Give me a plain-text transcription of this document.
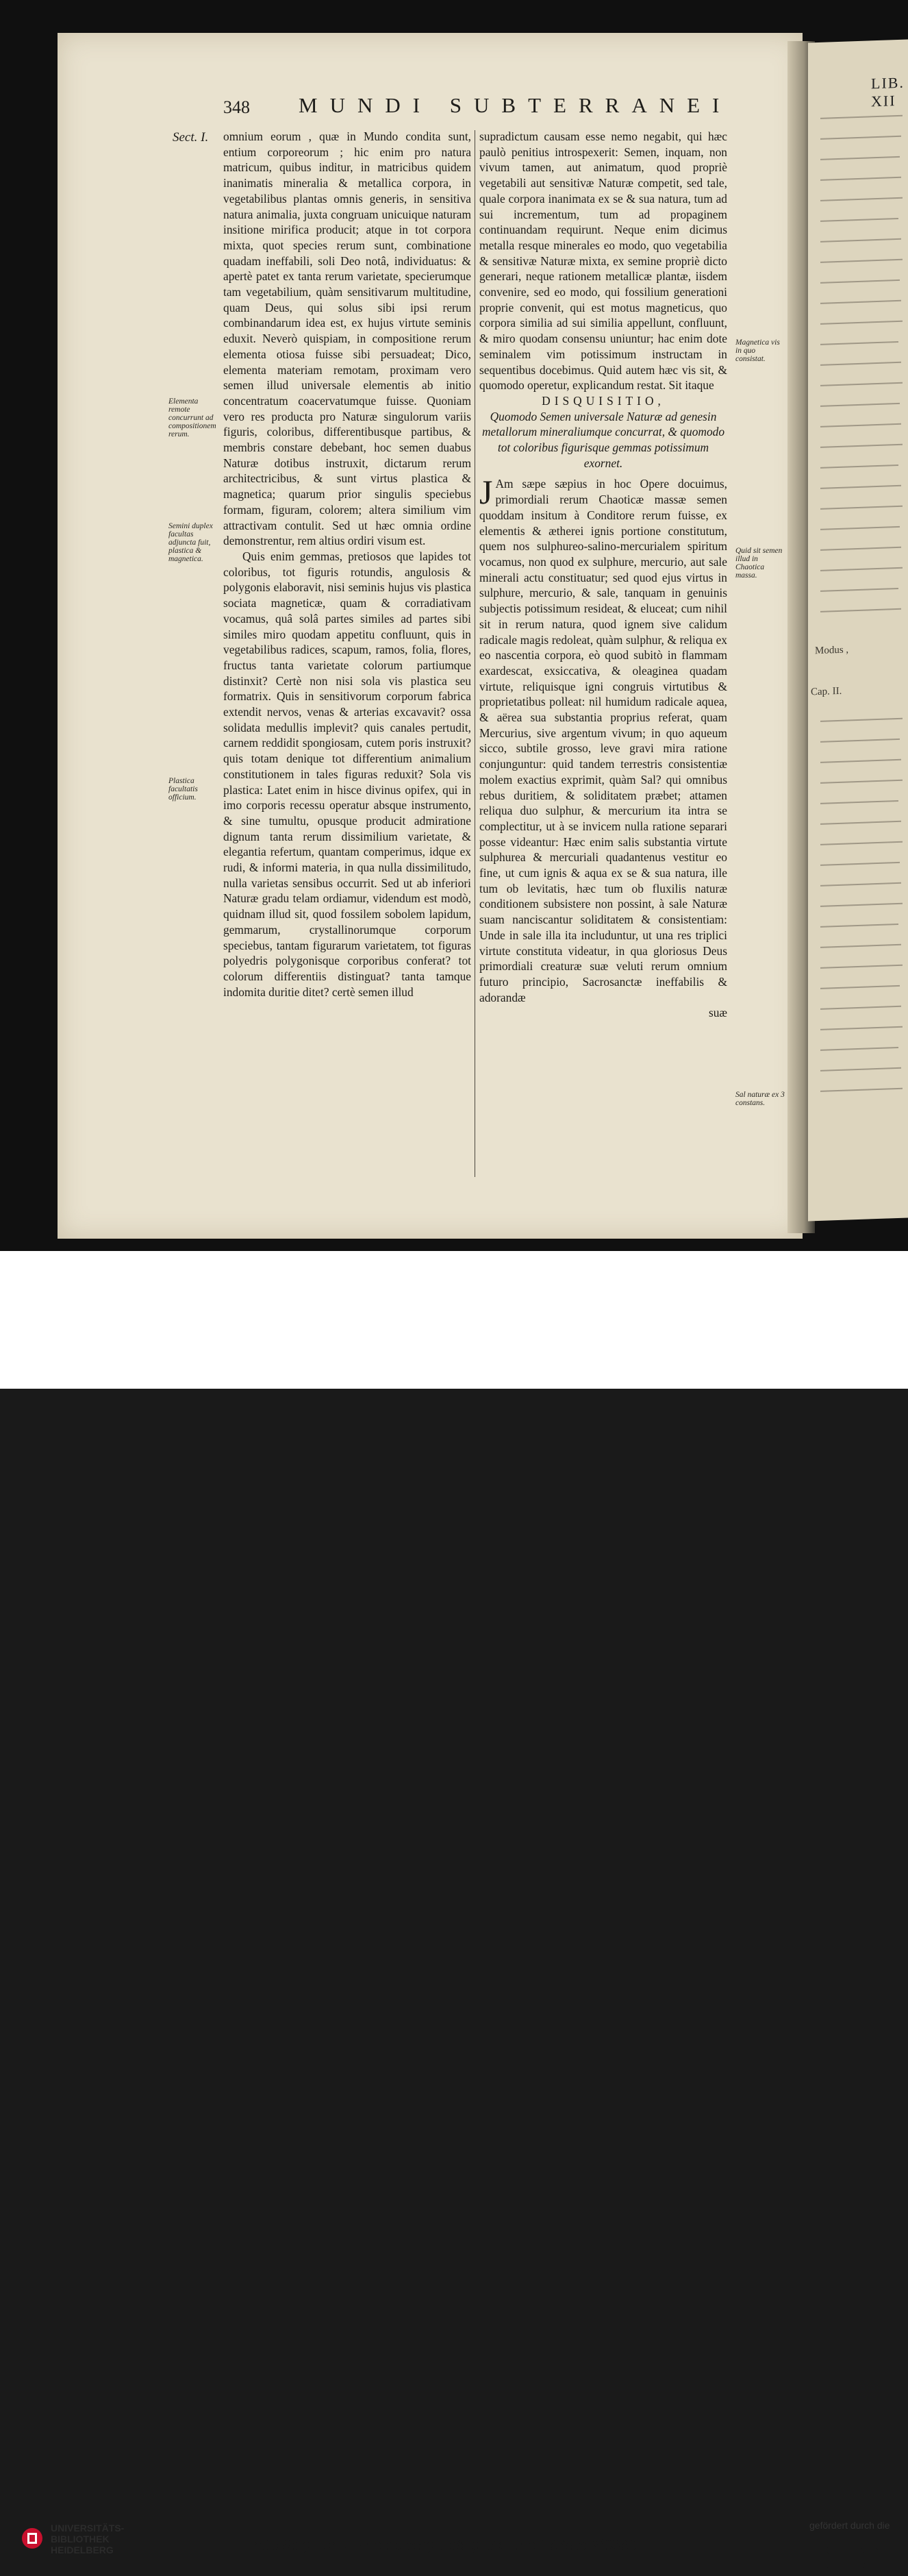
LIB. XII
Modus ,
Cap. II.
348 MUNDI SUBTERRANEI
Sect. I.
Elementa remote concurrunt ad compositionem rerum.
Semini duplex facultas adjuncta fuit, plastica & magnetica.
Plastica facultatis officium.
Magnetica vis in quo consistat.
Quid sit semen illud in Chaotica massa.
Sal naturæ ex 3 constans.

omnium eorum , quæ in Mundo condita sunt, entium corporeorum ; hic enim pro natura matricum, quibus inditur, in matricibus quidem inanimatis mineralia & metallica corpora, in vegetabilibus plantas omnis generis, in sensitiva natura animalia, juxta congruam unicuique naturam insitione mirifica producit; atque in tot corpora mixta, quot species rerum sunt, combinatione quadam ineffabili, soli Deo notâ, individuatus: & apertè patet ex tanta rerum varietate, specierumque tam vegetabilium, quàm sensitivarum multitudine, quam Deus, qui solus sibi ipsi rerum combinandarum idea est, ex hujus virtute seminis eduxit. Neverò quispiam, in compositione rerum elementa otiosa fuisse sibi persuadeat; Dico, elementa materiam remotam, proximam vero semen illud universale elementis ab initio concentratum coacervatumque fuisse. Quoniam vero res producta pro Naturæ singulorum variis figuris, coloribus, differentibusque partibus, & membris constare debebant, hoc semen duabus Naturæ dotibus instruxit, dictarum rerum architectricibus, & sunt virtus plastica & magnetica; quarum prior singulis speciebus formam, figuram, colorem; altera similium vim attractivam contulit. Sed ut hæc omnia ordine demonstrentur, rem altius ordiri visum est.

Quis enim gemmas, pretiosos que lapides tot coloribus, tot figuris rotundis, angulosis & polygonis elaboravit, nisi seminis hujus vis plastica sociata magneticæ, quam & corradiativam vocamus, quâ solâ partes similes ad partes sibi similes miro quodam appetitu confluunt, quis in vegetabilibus radices, scapum, ramos, folia, flores, fructus tanta varietate colorum partiumque distinxit? Certè non nisi sola vis plastica seu formatrix. Quis in sensitivorum corporum fabrica extendit nervos, venas & arterias excavavit? ossa solidata medullis implevit? quis canales pertudit, carnem reddidit spongiosam, cutem poris instruxit? quis totam denique tot differentium animalium constitutionem in tales figuras reduxit? Sola vis plastica: Latet enim in hisce divinus opifex, qui in imo corporis recessu operatur absque instrumento, & sine tumultu, opusque producit admiratione dignum tanta rerum dissimilium varietate, & elegantia refertum, quantam comperimus, idque ex rudi, & informi materia, in qua nulla dissimilitudo, nulla varietas sensibus occurrit. Sed ut ab inferiori Naturæ gradu telam ordiamur, videndum est modò, quidnam illud sit, quod fossilem sobolem lapidum, gemmarum, crystallinorumque corporum speciebus, tantam figurarum varietatem, tot figuras polyedris polygonisque corporibus conferat? tot colorum differentiis distinguat? tanta tamque indomita duritie ditet? certè semen illud

supradictum causam esse nemo negabit, qui hæc paulò penitius introspexerit: Semen, inquam, non vivum tamen, aut animatum, quod propriè vegetabili aut sensitivæ Naturæ competit, sed tale, quale corpora inanimata ex se & sua natura, tum ad sui incrementum, tum ad propaginem continuandam requirunt. Neque enim dicimus metalla resque minerales eo modo, quo vegetabilia & sensitivæ Naturæ mixta, ex semine propriè dicto generari, neque rationem metallicæ plantæ, iisdem convenire, sed eo modo, qui fossilium generationi proprie convenit, qui est motus magneticus, quo corpora similia ad sui similia appellunt, confluunt, & miro quodam consensu uniuntur; hac enim dote seminalem vim potissimum instructam in sequentibus docebimus. Quid autem hæc vis sit, & quomodo operetur, explicandum restat. Sit itaque

DISQUISITIO,

Quomodo Semen universale Naturæ ad genesin metallorum mineraliumque concurrat, & quomodo tot coloribus figurisque gemmas potissimum exornet.

J Am sæpe sæpius in hoc Opere docuimus, primordiali rerum Chaoticæ massæ semen quoddam insitum à Conditore rerum fuisse, ex elementis & ætherei ignis portione constitutum, quem nos sulphureo-salino-mercurialem spiritum vocamus, non quod ex sulphure, mercurio, aut sale minerali actu constituatur; sed quod ejus virtus in sulphure, mercurio, & sale, tanquam in genuinis subjectis potissimum resideat, & eluceat; cum nihil sit in rerum natura, quod ignem sive calidum radicale magis redoleat, quàm sulphur, & reliqua ex eo nascentia corpora, eò quod subitò in flammam exardescat, exsiccativa, & oleaginea quadam virtute, reliquisque igni congruis virtutibus & proprietatibus polleat: nil humidum radicale aquea, & aërea sua substantia proprius referat, quam Mercurius, sive argentum vivum; in quo aqueum sicco, subtile grosso, leve gravi mira ratione conjunguntur: quid tandem terrestris consistentiæ molem exactius exprimit, quàm Sal? qui omnibus rebus duritiem, & soliditatem præbet; attamen reliqua duo sulphur, & mercurium ita intra se complectitur, ut à se invicem nulla ratione separari posse videantur: Hæc enim salis substantia virtute sulphurea & mercuriali quadantenus vestitur eo fine, ut cum ignis & aqua ex se & sua natura, ille tum ob levitatis, hæc tum ob fluxilis naturæ conditionem subsistere non possint, à sale Naturæ suam nanciscantur soliditatem & consistentiam: Unde in sale illa ita includuntur, ut una res triplici virtute constituta videatur, in qua gloriosus Deus primordiali creaturæ suæ veluti rerum omnium futuro principio, Sacrosanctæ ineffabilis & adorandæ

suæ

UNIVERSITÄTS-
BIBLIOTHEK
HEIDELBERG	http://digi.ub.uni-heidelberg.de/diglit/kircher1678bd2/0360
gefördert durch die
DFG
